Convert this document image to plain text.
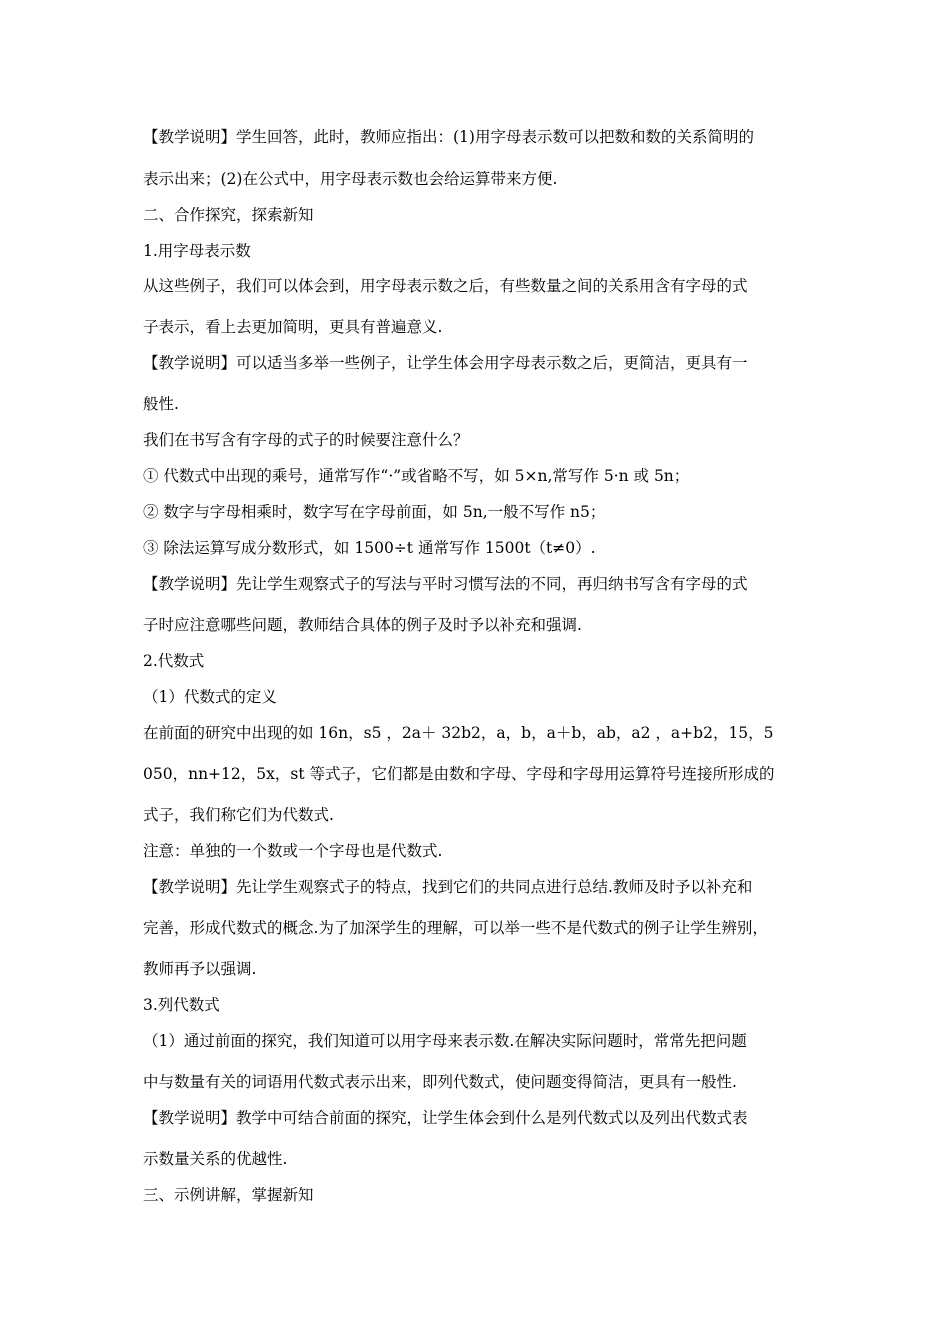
【教学说明】学生回答，此时，教师应指出：(1)用字母表示数可以把数和数的关系简明的

表示出来；(2)在公式中，用字母表示数也会给运算带来方便.

二、合作探究，探索新知

1.用字母表示数

从这些例子，我们可以体会到，用字母表示数之后，有些数量之间的关系用含有字母的式

子表示，看上去更加简明，更具有普遍意义.

【教学说明】可以适当多举一些例子，让学生体会用字母表示数之后，更简洁，更具有一

般性.

我们在书写含有字母的式子的时候要注意什么？

① 代数式中出现的乘号，通常写作“·”或省略不写，如 5×n,常写作 5·n 或 5n；

② 数字与字母相乘时，数字写在字母前面，如 5n,一般不写作 n5；

③ 除法运算写成分数形式，如 1500÷t 通常写作 1500t（t≠0）.

【教学说明】先让学生观察式子的写法与平时习惯写法的不同，再归纳书写含有字母的式

子时应注意哪些问题，教师结合具体的例子及时予以补充和强调.

2.代数式

（1）代数式的定义

在前面的研究中出现的如 16n，s5 ，2a＋ 32b2，a，b，a＋b，ab，a2 ，a+b2，15，5

050，nn+12，5x，st 等式子，它们都是由数和字母、字母和字母用运算符号连接所形成的

式子，我们称它们为代数式.

注意：单独的一个数或一个字母也是代数式.

【教学说明】先让学生观察式子的特点，找到它们的共同点进行总结.教师及时予以补充和

完善，形成代数式的概念.为了加深学生的理解，可以举一些不是代数式的例子让学生辨别，

教师再予以强调.

3.列代数式

（1）通过前面的探究，我们知道可以用字母来表示数.在解决实际问题时，常常先把问题

中与数量有关的词语用代数式表示出来，即列代数式，使问题变得简洁，更具有一般性.

【教学说明】教学中可结合前面的探究，让学生体会到什么是列代数式以及列出代数式表

示数量关系的优越性.

三、示例讲解，掌握新知
